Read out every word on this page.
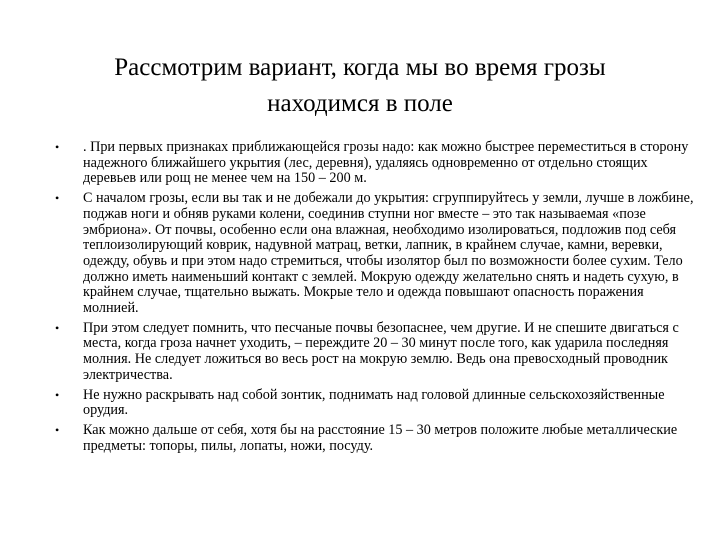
Рассмотрим вариант, когда мы во время грозы
находимся в поле
• . При первых признаках приближающейся грозы надо: как можно быстрее переместиться в сторону надежного ближайшего укрытия (лес, деревня), удаляясь одновременно от отдельно стоящих деревьев или рощ не менее чем на 150 – 200 м.
• С началом грозы, если вы так и не добежали до укрытия: сгруппируйтесь у земли, лучше в ложбине, поджав ноги и обняв руками колени, соединив ступни ног вместе – это так называемая «позе эмбриона». От почвы, особенно если она влажная, необходимо изолироваться, подложив под себя теплоизолирующий коврик, надувной матрац, ветки, лапник, в крайнем случае, камни, веревки, одежду, обувь и при этом надо стремиться, чтобы изолятор был по возможности более сухим. Тело должно иметь наименьший контакт с землей. Мокрую одежду желательно снять и надеть сухую, в крайнем случае, тщательно выжать. Мокрые тело и одежда повышают опасность поражения молнией.
• При этом следует помнить, что песчаные почвы безопаснее, чем другие. И не спешите двигаться с места, когда гроза начнет уходить, – переждите 20 – 30 минут после того, как ударила последняя молния. Не следует ложиться во весь рост на мокрую землю. Ведь она превосходный проводник электричества.
• Не нужно раскрывать над собой зонтик, поднимать над головой длинные сельскохозяйственные орудия.
• Как можно дальше от себя, хотя бы на расстояние 15 – 30 метров положите любые металлические предметы: топоры, пилы, лопаты, ножи, посуду.
